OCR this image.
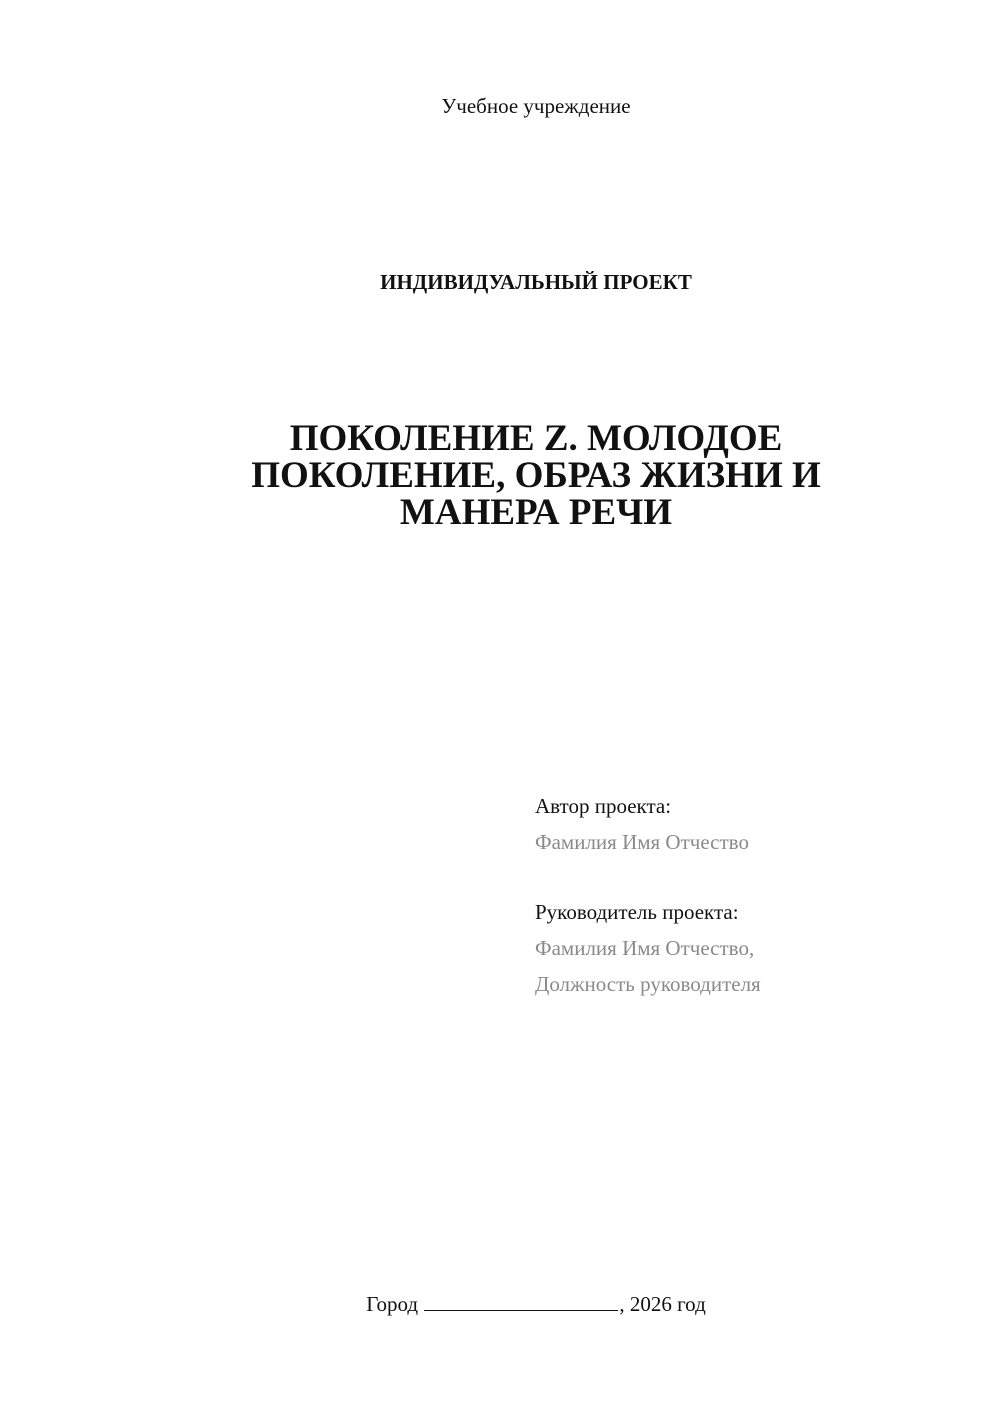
Учебное учреждение
ИНДИВИДУАЛЬНЫЙ ПРОЕКТ
ПОКОЛЕНИЕ Z. МОЛОДОЕ
ПОКОЛЕНИЕ, ОБРАЗ ЖИЗНИ И
МАНЕРА РЕЧИ
Автор проекта:
Фамилия Имя Отчество
Руководитель проекта:
Фамилия Имя Отчество,
Должность руководителя
Город	, 2026 год
